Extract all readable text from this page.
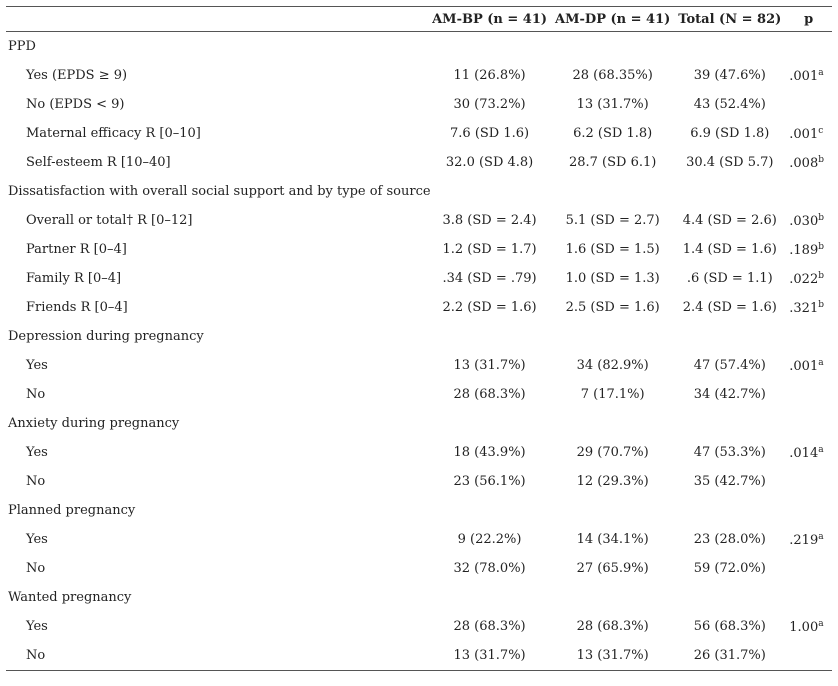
	AM-BP (n = 41)	AM-DP (n = 41)	Total (N = 82)	p
PPD				
Yes (EPDS ≥ 9)	11 (26.8%)	28 (68.35%)	39 (47.6%)	.001$^a$
No (EPDS < 9)	30 (73.2%)	13 (31.7%)	43 (52.4%)	
Maternal efficacy R [0–10]	7.6 (SD 1.6)	6.2 (SD 1.8)	6.9 (SD 1.8)	.001$^c$
Self-esteem R [10–40]	32.0 (SD 4.8)	28.7 (SD 6.1)	30.4 (SD 5.7)	.008$^b$
Dissatisfaction with overall social support and by type of source				
Overall or total† R [0–12]	3.8 (SD = 2.4)	5.1 (SD = 2.7)	4.4 (SD = 2.6)	.030$^b$
Partner R [0–4]	1.2 (SD = 1.7)	1.6 (SD = 1.5)	1.4 (SD = 1.6)	.189$^b$
Family R [0–4]	.34 (SD = .79)	1.0 (SD = 1.3)	.6 (SD = 1.1)	.022$^b$
Friends R [0–4]	2.2 (SD = 1.6)	2.5 (SD = 1.6)	2.4 (SD = 1.6)	.321$^b$
Depression during pregnancy				
Yes	13 (31.7%)	34 (82.9%)	47 (57.4%)	.001$^a$
No	28 (68.3%)	7 (17.1%)	34 (42.7%)	
Anxiety during pregnancy				
Yes	18 (43.9%)	29 (70.7%)	47 (53.3%)	.014$^a$
No	23 (56.1%)	12 (29.3%)	35 (42.7%)	
Planned pregnancy				
Yes	9 (22.2%)	14 (34.1%)	23 (28.0%)	.219$^a$
No	32 (78.0%)	27 (65.9%)	59 (72.0%)	
Wanted pregnancy				
Yes	28 (68.3%)	28 (68.3%)	56 (68.3%)	1.00$^a$
No	13 (31.7%)	13 (31.7%)	26 (31.7%)	
